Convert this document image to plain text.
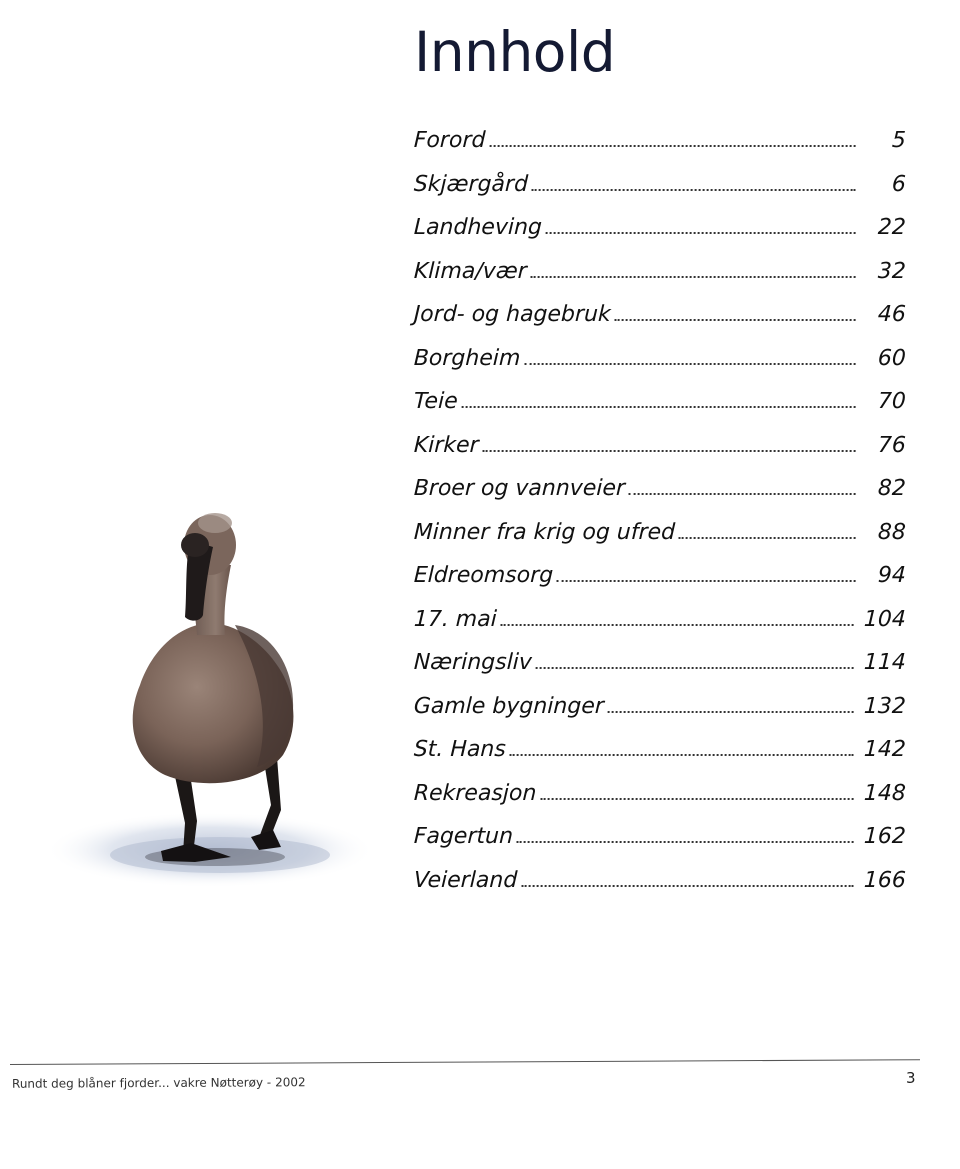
Innhold
Forord	5
Skjærgård	6
Landheving	22
Klima/vær	32
Jord- og hagebruk	46
Borgheim	60
Teie	70
Kirker	76
Broer og vannveier	82
Minner fra krig og ufred	88
Eldreomsorg	94
17. mai	104
Næringsliv	114
Gamle bygninger	132
St. Hans	142
Rekreasjon	148
Fagertun	162
Veierland	166
Rundt deg blåner fjorder... vakre Nøtterøy - 2002	3
